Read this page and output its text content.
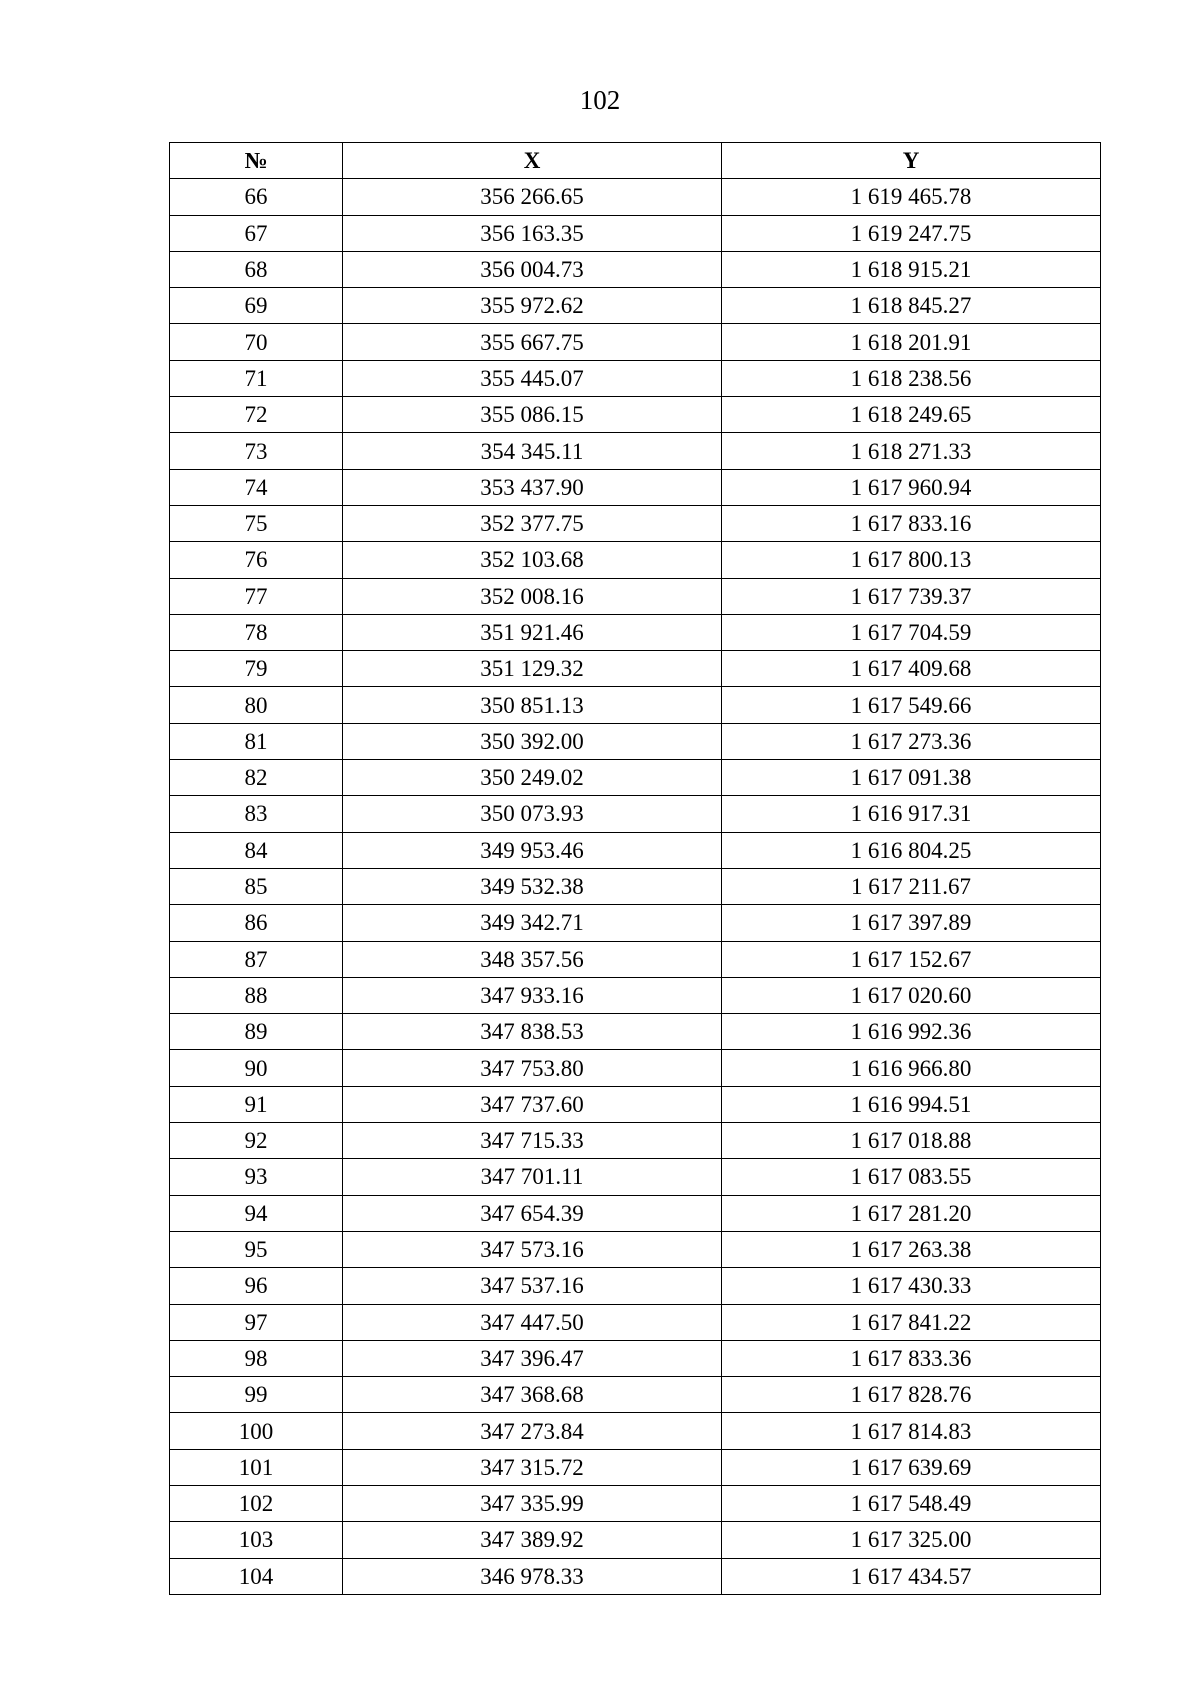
102
№	X	Y
66	356 266.65	1 619 465.78
67	356 163.35	1 619 247.75
68	356 004.73	1 618 915.21
69	355 972.62	1 618 845.27
70	355 667.75	1 618 201.91
71	355 445.07	1 618 238.56
72	355 086.15	1 618 249.65
73	354 345.11	1 618 271.33
74	353 437.90	1 617 960.94
75	352 377.75	1 617 833.16
76	352 103.68	1 617 800.13
77	352 008.16	1 617 739.37
78	351 921.46	1 617 704.59
79	351 129.32	1 617 409.68
80	350 851.13	1 617 549.66
81	350 392.00	1 617 273.36
82	350 249.02	1 617 091.38
83	350 073.93	1 616 917.31
84	349 953.46	1 616 804.25
85	349 532.38	1 617 211.67
86	349 342.71	1 617 397.89
87	348 357.56	1 617 152.67
88	347 933.16	1 617 020.60
89	347 838.53	1 616 992.36
90	347 753.80	1 616 966.80
91	347 737.60	1 616 994.51
92	347 715.33	1 617 018.88
93	347 701.11	1 617 083.55
94	347 654.39	1 617 281.20
95	347 573.16	1 617 263.38
96	347 537.16	1 617 430.33
97	347 447.50	1 617 841.22
98	347 396.47	1 617 833.36
99	347 368.68	1 617 828.76
100	347 273.84	1 617 814.83
101	347 315.72	1 617 639.69
102	347 335.99	1 617 548.49
103	347 389.92	1 617 325.00
104	346 978.33	1 617 434.57
